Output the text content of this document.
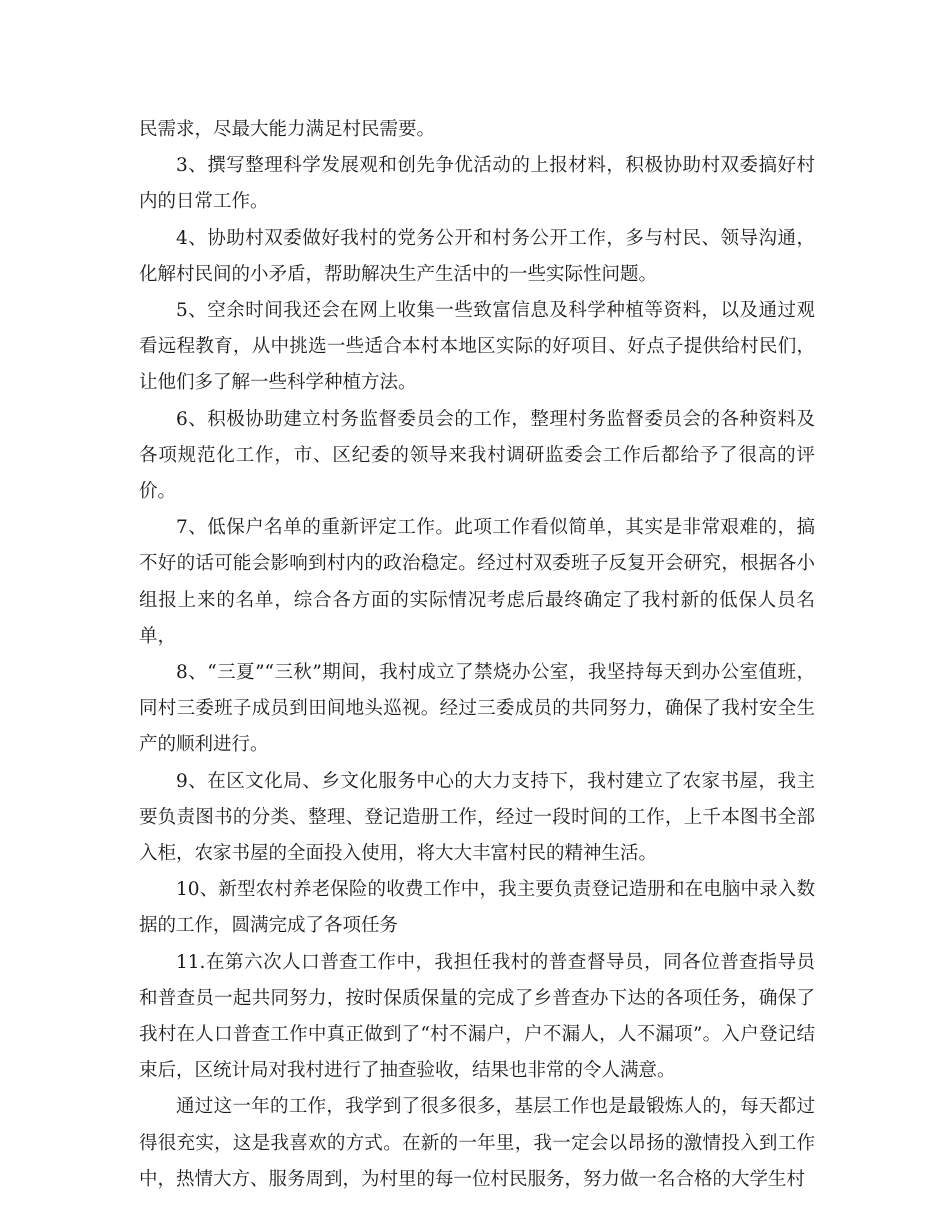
民需求，尽最大能力满足村民需要。

3、撰写整理科学发展观和创先争优活动的上报材料，积极协助村双委搞好村内的日常工作。

4、协助村双委做好我村的党务公开和村务公开工作，多与村民、领导沟通，化解村民间的小矛盾，帮助解决生产生活中的一些实际性问题。

5、空余时间我还会在网上收集一些致富信息及科学种植等资料，以及通过观看远程教育，从中挑选一些适合本村本地区实际的好项目、好点子提供给村民们，让他们多了解一些科学种植方法。

6、积极协助建立村务监督委员会的工作，整理村务监督委员会的各种资料及各项规范化工作，市、区纪委的领导来我村调研监委会工作后都给予了很高的评价。

7、低保户名单的重新评定工作。此项工作看似简单，其实是非常艰难的，搞不好的话可能会影响到村内的政治稳定。经过村双委班子反复开会研究，根据各小组报上来的名单，综合各方面的实际情况考虑后最终确定了我村新的低保人员名单，

8、“三夏”“三秋”期间，我村成立了禁烧办公室，我坚持每天到办公室值班，同村三委班子成员到田间地头巡视。经过三委成员的共同努力，确保了我村安全生产的顺利进行。

9、在区文化局、乡文化服务中心的大力支持下，我村建立了农家书屋，我主要负责图书的分类、整理、登记造册工作，经过一段时间的工作，上千本图书全部入柜，农家书屋的全面投入使用，将大大丰富村民的精神生活。

10、新型农村养老保险的收费工作中，我主要负责登记造册和在电脑中录入数据的工作，圆满完成了各项任务

11.在第六次人口普查工作中，我担任我村的普查督导员，同各位普查指导员和普查员一起共同努力，按时保质保量的完成了乡普查办下达的各项任务，确保了我村在人口普查工作中真正做到了“村不漏户，户不漏人，人不漏项”。入户登记结束后，区统计局对我村进行了抽查验收，结果也非常的令人满意。

通过这一年的工作，我学到了很多很多，基层工作也是最锻炼人的，每天都过得很充实，这是我喜欢的方式。在新的一年里，我一定会以昂扬的激情投入到工作中，热情大方、服务周到，为村里的每一位村民服务，努力做一名合格的大学生村
